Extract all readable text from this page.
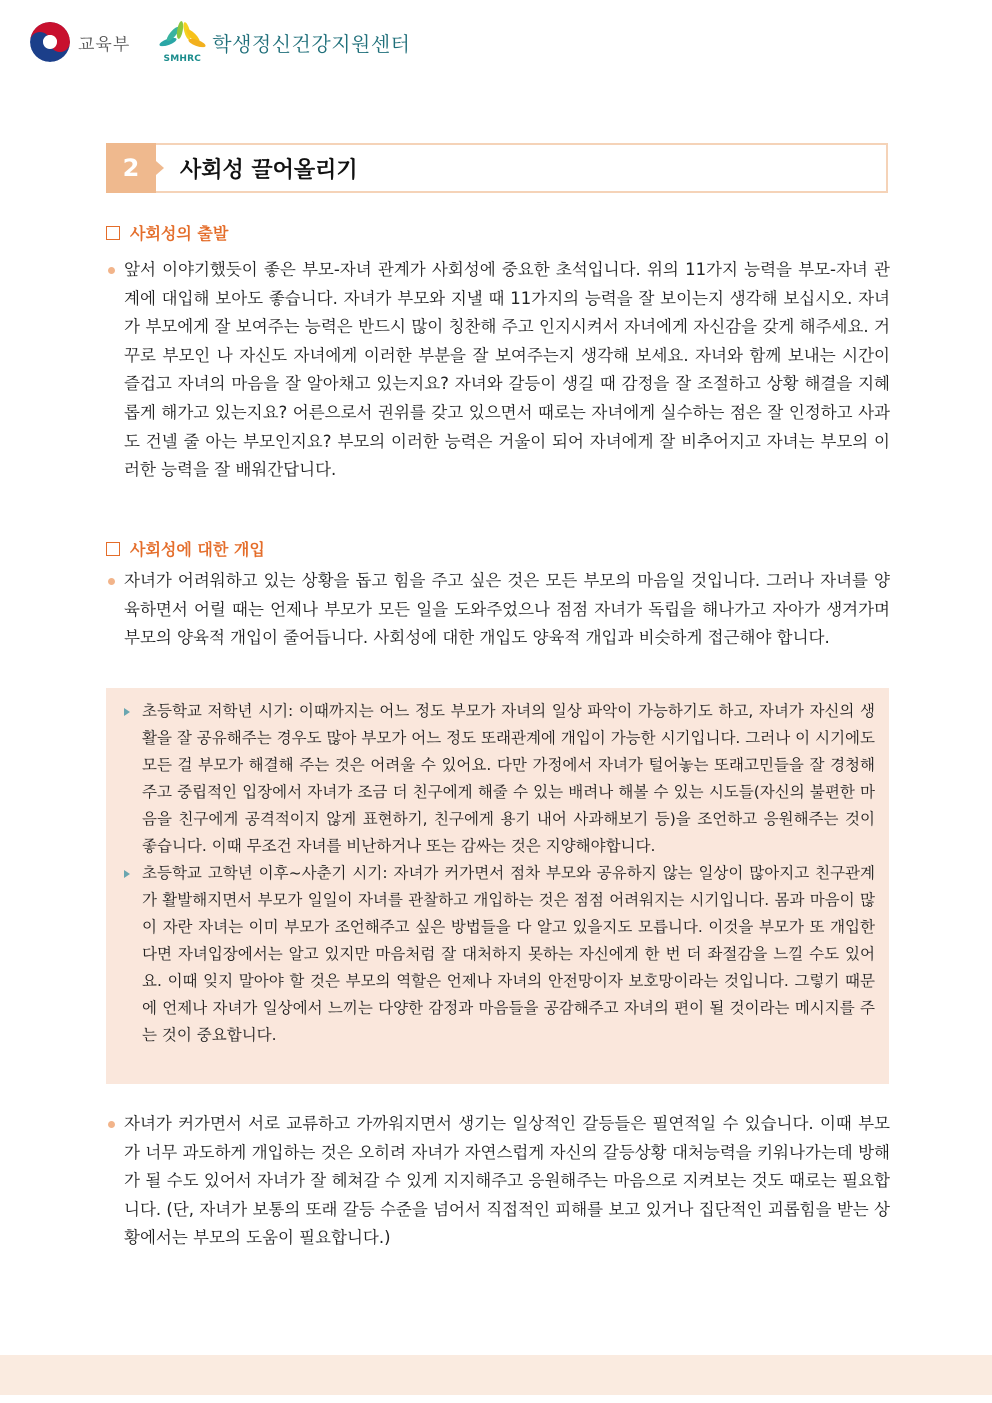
교육부
SMHRC
학생정신건강지원센터
2	사회성 끌어올리기
사회성의 출발
앞서 이야기했듯이 좋은 부모-자녀 관계가 사회성에 중요한 초석입니다. 위의 11가지 능력을 부모-자녀 관계에 대입해 보아도 좋습니다. 자녀가 부모와 지낼 때 11가지의 능력을 잘 보이는지 생각해 보십시오. 자녀가 부모에게 잘 보여주는 능력은 반드시 많이 칭찬해 주고 인지시켜서 자녀에게 자신감을 갖게 해주세요. 거꾸로 부모인 나 자신도 자녀에게 이러한 부분을 잘 보여주는지 생각해 보세요. 자녀와 함께 보내는 시간이 즐겁고 자녀의 마음을 잘 알아채고 있는지요? 자녀와 갈등이 생길 때 감정을 잘 조절하고 상황 해결을 지혜롭게 해가고 있는지요? 어른으로서 권위를 갖고 있으면서 때로는 자녀에게 실수하는 점은 잘 인정하고 사과도 건넬 줄 아는 부모인지요? 부모의 이러한 능력은 거울이 되어 자녀에게 잘 비추어지고 자녀는 부모의 이러한 능력을 잘 배워간답니다.
사회성에 대한 개입
자녀가 어려워하고 있는 상황을 돕고 힘을 주고 싶은 것은 모든 부모의 마음일 것입니다. 그러나 자녀를 양육하면서 어릴 때는 언제나 부모가 모든 일을 도와주었으나 점점 자녀가 독립을 해나가고 자아가 생겨가며 부모의 양육적 개입이 줄어듭니다. 사회성에 대한 개입도 양육적 개입과 비슷하게 접근해야 합니다.
초등학교 저학년 시기: 이때까지는 어느 정도 부모가 자녀의 일상 파악이 가능하기도 하고, 자녀가 자신의 생활을 잘 공유해주는 경우도 많아 부모가 어느 정도 또래관계에 개입이 가능한 시기입니다. 그러나 이 시기에도 모든 걸 부모가 해결해 주는 것은 어려울 수 있어요. 다만 가정에서 자녀가 털어놓는 또래고민들을 잘 경청해주고 중립적인 입장에서 자녀가 조금 더 친구에게 해줄 수 있는 배려나 해볼 수 있는 시도들(자신의 불편한 마음을 친구에게 공격적이지 않게 표현하기, 친구에게 용기 내어 사과해보기 등)을 조언하고 응원해주는 것이 좋습니다. 이때 무조건 자녀를 비난하거나 또는 감싸는 것은 지양해야합니다.
초등학교 고학년 이후~사춘기 시기: 자녀가 커가면서 점차 부모와 공유하지 않는 일상이 많아지고 친구관계가 활발해지면서 부모가 일일이 자녀를 관찰하고 개입하는 것은 점점 어려워지는 시기입니다. 몸과 마음이 많이 자란 자녀는 이미 부모가 조언해주고 싶은 방법들을 다 알고 있을지도 모릅니다. 이것을 부모가 또 개입한다면 자녀입장에서는 알고 있지만 마음처럼 잘 대처하지 못하는 자신에게 한 번 더 좌절감을 느낄 수도 있어요. 이때 잊지 말아야 할 것은 부모의 역할은 언제나 자녀의 안전망이자 보호망이라는 것입니다. 그렇기 때문에 언제나 자녀가 일상에서 느끼는 다양한 감정과 마음들을 공감해주고 자녀의 편이 될 것이라는 메시지를 주는 것이 중요합니다.
자녀가 커가면서 서로 교류하고 가까워지면서 생기는 일상적인 갈등들은 필연적일 수 있습니다. 이때 부모가 너무 과도하게 개입하는 것은 오히려 자녀가 자연스럽게 자신의 갈등상황 대처능력을 키워나가는데 방해가 될 수도 있어서 자녀가 잘 헤쳐갈 수 있게 지지해주고 응원해주는 마음으로 지켜보는 것도 때로는 필요합니다. (단, 자녀가 보통의 또래 갈등 수준을 넘어서 직접적인 피해를 보고 있거나 집단적인 괴롭힘을 받는 상황에서는 부모의 도움이 필요합니다.)
